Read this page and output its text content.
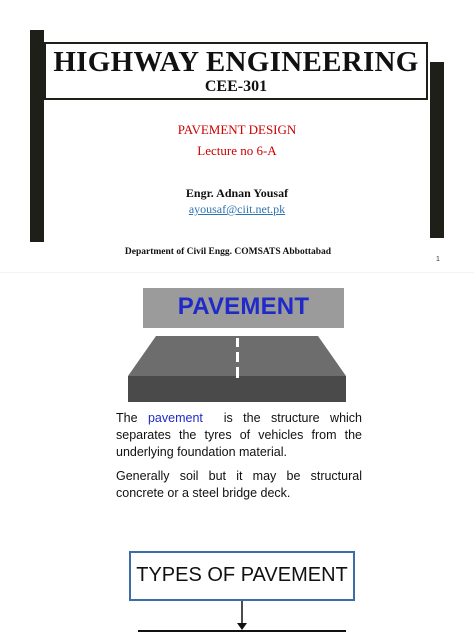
HIGHWAY ENGINEERING
CEE-301
PAVEMENT DESIGN
Lecture no 6-A
Engr. Adnan Yousaf
ayousaf@ciit.net.pk
Department of Civil Engg. COMSATS Abbottabad
1
PAVEMENT
The pavement  is the structure which separates the tyres of vehicles from the underlying foundation material.
Generally soil but it may be structural concrete or a steel bridge deck.
TYPES OF PAVEMENT
